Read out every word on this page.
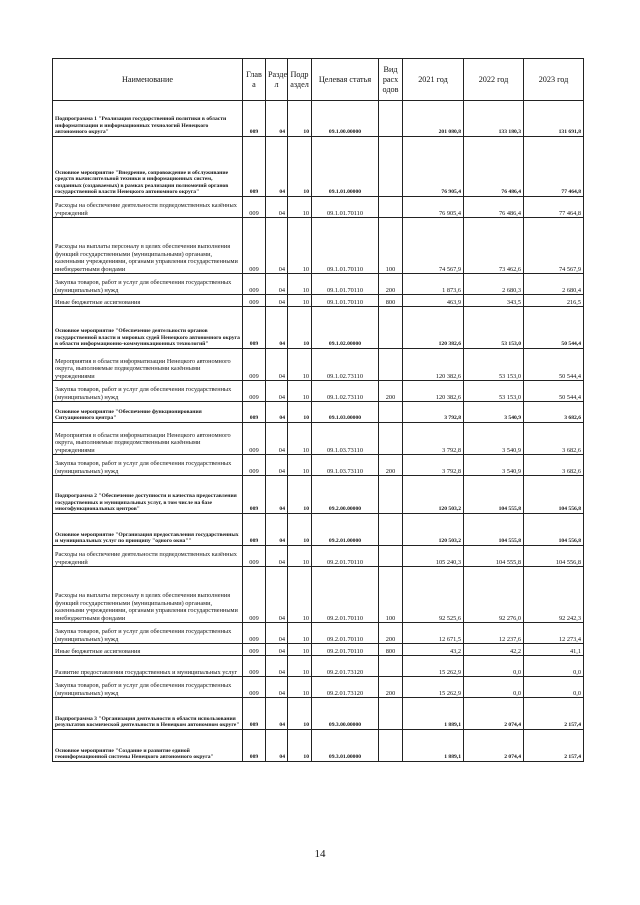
Наименование	Глав а	Разде л	Подр аздел	Целевая статья	Вид расх одов	2021 год	2022 год	2023 год
Подпрограмма 1 "Реализация государственной политики в области информатизации и информационных технологий Ненецкого автономного округа"	009	04	10	09.1.00.00000		201 080,8	133 180,3	131 691,8
Основное мероприятие "Внедрение, сопровождение и обслуживание средств вычислительной техники и информационных систем, созданных (создаваемых) в рамках реализации полномочий органов государственной власти Ненецкого автономного округа"	009	04	10	09.1.01.00000		76 905,4	76 486,4	77 464,8
Расходы на обеспечение деятельности подведомственных казённых учреждений	009	04	10	09.1.01.70110		76 905,4	76 486,4	77 464,8
Расходы на выплаты персоналу в целях обеспечения выполнения функций государственными (муниципальными) органами, казенными учреждениями, органами управления государственными внебюджетными фондами	009	04	10	09.1.01.70110	100	74 567,9	73 462,6	74 567,9
Закупка товаров, работ и услуг для обеспечения государственных (муниципальных) нужд	009	04	10	09.1.01.70110	200	1 873,6	2 680,3	2 680,4
Иные бюджетные ассигнования	009	04	10	09.1.01.70110	800	463,9	343,5	216,5
Основное мероприятие "Обеспечение деятельности органов государственной власти и мировых судей Ненецкого автономного округа в области информационно-коммуникационных технологий"	009	04	10	09.1.02.00000		120 382,6	53 153,0	50 544,4
Мероприятия в области информатизации Ненецкого автономного округа, выполняемые подведомственными казёнными учреждениями	009	04	10	09.1.02.73110		120 382,6	53 153,0	50 544,4
Закупка товаров, работ и услуг для обеспечения государственных (муниципальных) нужд	009	04	10	09.1.02.73110	200	120 382,6	53 153,0	50 544,4
Основное мероприятие "Обеспечение функционирования Ситуационного центра"	009	04	10	09.1.03.00000		3 792,8	3 540,9	3 682,6
Мероприятия в области информатизации Ненецкого автономного округа, выполняемые подведомственными казёнными учреждениями	009	04	10	09.1.03.73110		3 792,8	3 540,9	3 682,6
Закупка товаров, работ и услуг для обеспечения государственных (муниципальных) нужд	009	04	10	09.1.03.73110	200	3 792,8	3 540,9	3 682,6
Подпрограмма 2 "Обеспечение доступности и качества предоставления государственных и муниципальных услуг, в том числе на базе многофункциональных центров"	009	04	10	09.2.00.00000		120 503,2	104 555,8	104 556,8
Основное мероприятие "Организация предоставления государственных и муниципальных услуг по принципу "одного окна""	009	04	10	09.2.01.00000		120 503,2	104 555,8	104 556,8
Расходы на обеспечение деятельности подведомственных казённых учреждений	009	04	10	09.2.01.70110		105 240,3	104 555,8	104 556,8
Расходы на выплаты персоналу в целях обеспечения выполнения функций государственными (муниципальными) органами, казенными учреждениями, органами управления государственными внебюджетными фондами	009	04	10	09.2.01.70110	100	92 525,6	92 276,0	92 242,3
Закупка товаров, работ и услуг для обеспечения государственных (муниципальных) нужд	009	04	10	09.2.01.70110	200	12 671,5	12 237,6	12 273,4
Иные бюджетные ассигнования	009	04	10	09.2.01.70110	800	43,2	42,2	41,1
Развитие предоставления государственных и муниципальных услуг	009	04	10	09.2.01.73120		15 262,9	0,0	0,0
Закупка товаров, работ и услуг для обеспечения государственных (муниципальных) нужд	009	04	10	09.2.01.73120	200	15 262,9	0,0	0,0
Подпрограмма 3 "Организация деятельности в области использования результатов космической деятельности в Ненецком автономном округе"	009	04	10	09.3.00.00000		1 889,1	2 074,4	2 157,4
Основное мероприятие "Создание и развитие единой геоинформационной системы Ненецкого автономного округа"	009	04	10	09.3.01.00000		1 889,1	2 074,4	2 157,4
14
